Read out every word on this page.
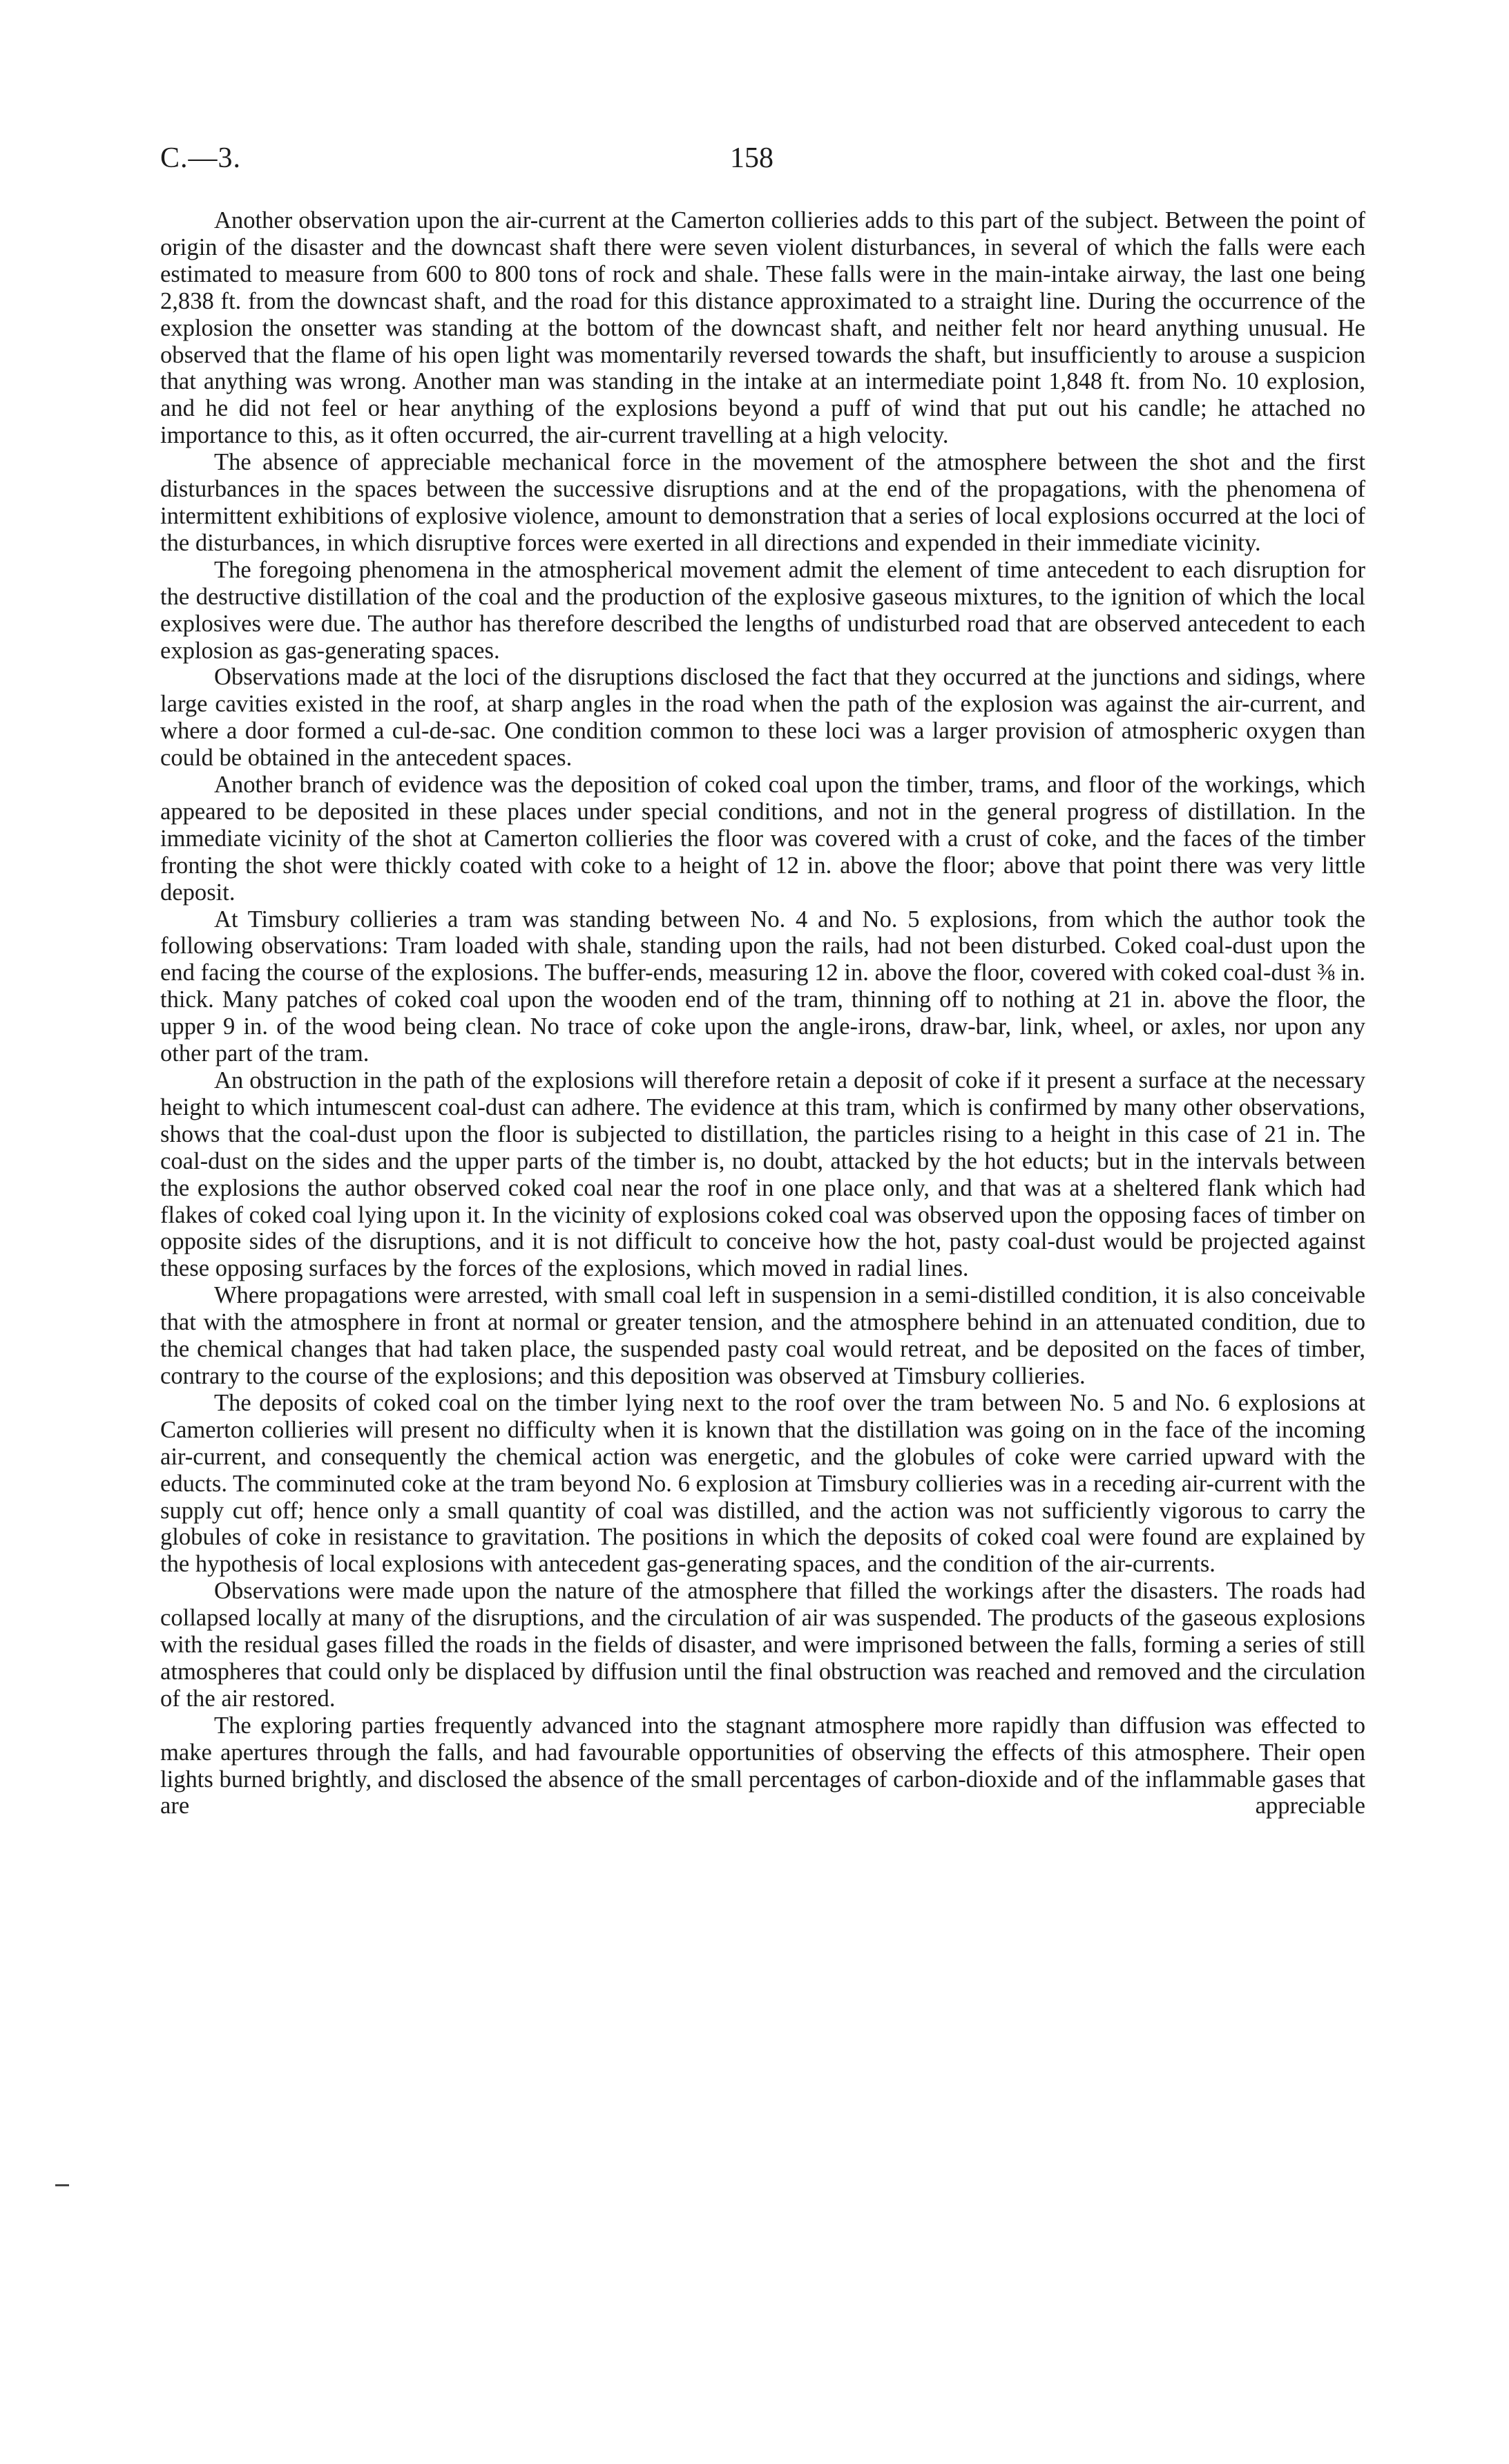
C.—3.	158

Another observation upon the air-current at the Camerton collieries adds to this part of the subject. Between the point of origin of the disaster and the downcast shaft there were seven violent disturbances, in several of which the falls were each estimated to measure from 600 to 800 tons of rock and shale. These falls were in the main-intake airway, the last one being 2,838 ft. from the downcast shaft, and the road for this distance approximated to a straight line. During the occurrence of the explosion the onsetter was standing at the bottom of the downcast shaft, and neither felt nor heard anything unusual. He observed that the flame of his open light was momentarily reversed towards the shaft, but insufficiently to arouse a suspicion that anything was wrong. Another man was standing in the intake at an intermediate point 1,848 ft. from No. 10 explosion, and he did not feel or hear anything of the explosions beyond a puff of wind that put out his candle; he attached no importance to this, as it often occurred, the air-current travelling at a high velocity.

The absence of appreciable mechanical force in the movement of the atmosphere between the shot and the first disturbances in the spaces between the successive disruptions and at the end of the propagations, with the phenomena of intermittent exhibitions of explosive violence, amount to demonstration that a series of local explosions occurred at the loci of the disturbances, in which disruptive forces were exerted in all directions and expended in their immediate vicinity.

The foregoing phenomena in the atmospherical movement admit the element of time antecedent to each disruption for the destructive distillation of the coal and the production of the explosive gaseous mixtures, to the ignition of which the local explosives were due. The author has therefore described the lengths of undisturbed road that are observed antecedent to each explosion as gas-generating spaces.

Observations made at the loci of the disruptions disclosed the fact that they occurred at the junctions and sidings, where large cavities existed in the roof, at sharp angles in the road when the path of the explosion was against the air-current, and where a door formed a cul-de-sac. One condition common to these loci was a larger provision of atmospheric oxygen than could be obtained in the antecedent spaces.

Another branch of evidence was the deposition of coked coal upon the timber, trams, and floor of the workings, which appeared to be deposited in these places under special conditions, and not in the general progress of distillation. In the immediate vicinity of the shot at Camerton collieries the floor was covered with a crust of coke, and the faces of the timber fronting the shot were thickly coated with coke to a height of 12 in. above the floor; above that point there was very little deposit.

At Timsbury collieries a tram was standing between No. 4 and No. 5 explosions, from which the author took the following observations: Tram loaded with shale, standing upon the rails, had not been disturbed. Coked coal-dust upon the end facing the course of the explosions. The buffer-ends, measuring 12 in. above the floor, covered with coked coal-dust ⅜ in. thick. Many patches of coked coal upon the wooden end of the tram, thinning off to nothing at 21 in. above the floor, the upper 9 in. of the wood being clean. No trace of coke upon the angle-irons, draw-bar, link, wheel, or axles, nor upon any other part of the tram.

An obstruction in the path of the explosions will therefore retain a deposit of coke if it present a surface at the necessary height to which intumescent coal-dust can adhere. The evidence at this tram, which is confirmed by many other observations, shows that the coal-dust upon the floor is subjected to distillation, the particles rising to a height in this case of 21 in. The coal-dust on the sides and the upper parts of the timber is, no doubt, attacked by the hot educts; but in the intervals between the explosions the author observed coked coal near the roof in one place only, and that was at a sheltered flank which had flakes of coked coal lying upon it. In the vicinity of explosions coked coal was observed upon the opposing faces of timber on opposite sides of the disruptions, and it is not difficult to conceive how the hot, pasty coal-dust would be projected against these opposing surfaces by the forces of the explosions, which moved in radial lines.

Where propagations were arrested, with small coal left in suspension in a semi-distilled condition, it is also conceivable that with the atmosphere in front at normal or greater tension, and the atmosphere behind in an attenuated condition, due to the chemical changes that had taken place, the suspended pasty coal would retreat, and be deposited on the faces of timber, contrary to the course of the explosions; and this deposition was observed at Timsbury collieries.

The deposits of coked coal on the timber lying next to the roof over the tram between No. 5 and No. 6 explosions at Camerton collieries will present no difficulty when it is known that the distillation was going on in the face of the incoming air-current, and consequently the chemical action was energetic, and the globules of coke were carried upward with the educts. The comminuted coke at the tram beyond No. 6 explosion at Timsbury collieries was in a receding air-current with the supply cut off; hence only a small quantity of coal was distilled, and the action was not sufficiently vigorous to carry the globules of coke in resistance to gravitation. The positions in which the deposits of coked coal were found are explained by the hypothesis of local explosions with antecedent gas-generating spaces, and the condition of the air-currents.

Observations were made upon the nature of the atmosphere that filled the workings after the disasters. The roads had collapsed locally at many of the disruptions, and the circulation of air was suspended. The products of the gaseous explosions with the residual gases filled the roads in the fields of disaster, and were imprisoned between the falls, forming a series of still atmospheres that could only be displaced by diffusion until the final obstruction was reached and removed and the circulation of the air restored.

The exploring parties frequently advanced into the stagnant atmosphere more rapidly than diffusion was effected to make apertures through the falls, and had favourable opportunities of observing the effects of this atmosphere. Their open lights burned brightly, and disclosed the absence of the small percentages of carbon-dioxide and of the inflammable gases that are appreciable
